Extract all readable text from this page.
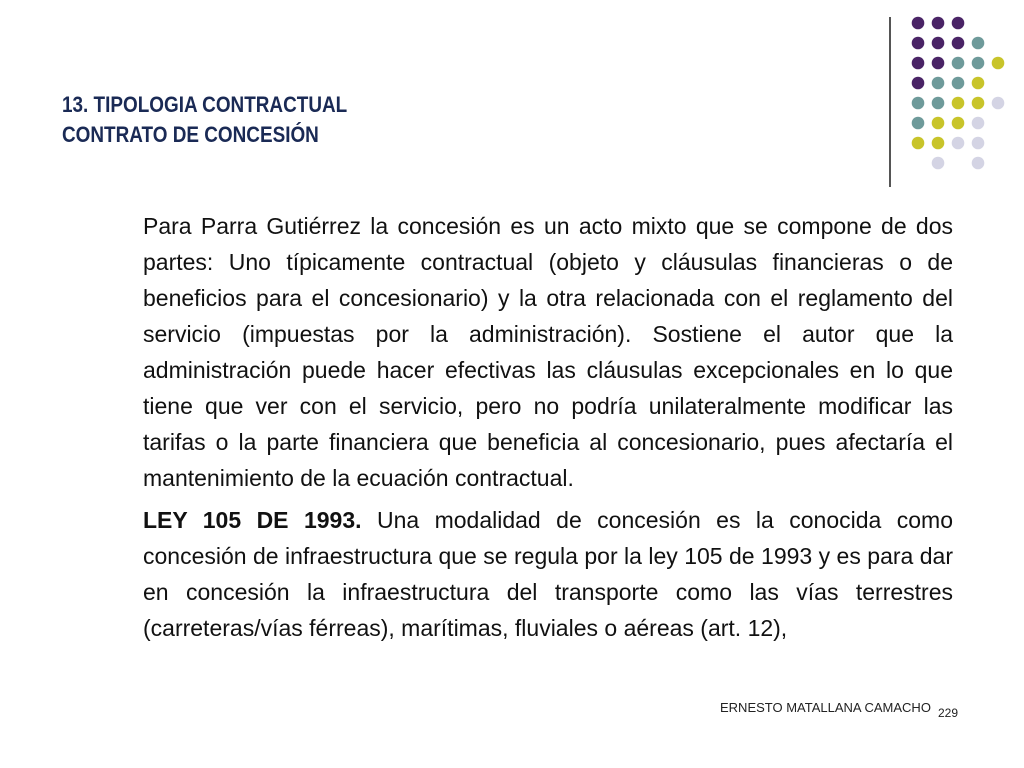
13. TIPOLOGIA CONTRACTUAL
CONTRATO DE CONCESIÓN

Para Parra Gutiérrez la concesión es un acto mixto que se compone de dos partes: Uno típicamente contractual (objeto y cláusulas financieras o de beneficios para el concesionario) y la otra relacionada con el reglamento del servicio (impuestas por la administración). Sostiene el autor que la administración puede hacer efectivas las cláusulas excepcionales en lo que tiene que ver con el servicio, pero no podría unilateralmente modificar las tarifas o la parte financiera que beneficia al concesionario, pues afectaría el mantenimiento de la ecuación contractual.

LEY 105 DE 1993. Una modalidad de concesión es la conocida como concesión de infraestructura que se regula por la ley 105 de 1993 y es para dar en concesión la infraestructura del transporte como las vías terrestres (carreteras/vías férreas), marítimas, fluviales o aéreas (art. 12),

ERNESTO MATALLANA CAMACHO 229
